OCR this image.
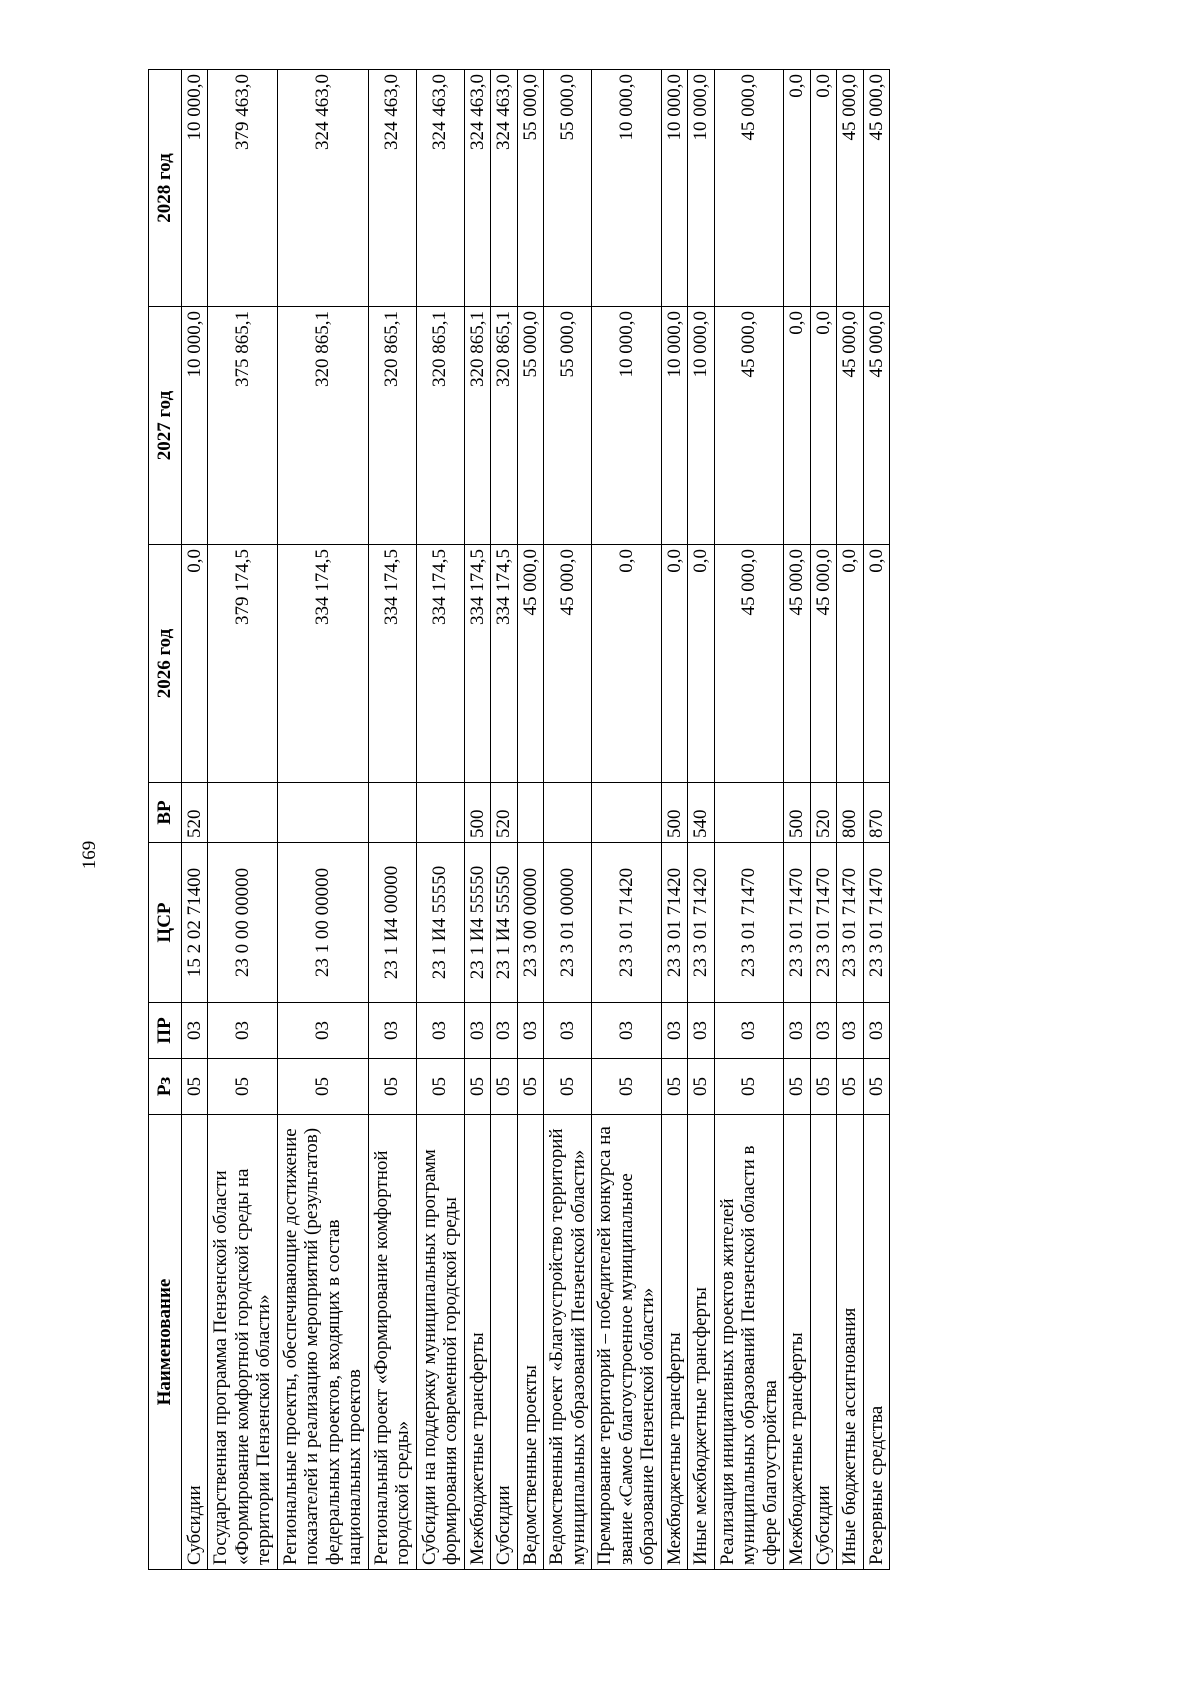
169
Наименование	Рз	ПР	ЦСР	ВР	2026 год	2027 год	2028 год
Субсидии	05	03	15 2 02 71400	520	0,0	10 000,0	10 000,0
Государственная программа Пензенской области «Формирование комфортной городской среды на территории Пензенской области»	05	03	23 0 00 00000		379 174,5	375 865,1	379 463,0
Региональные проекты, обеспечивающие достижение показателей и реализацию мероприятий (результатов) федеральных проектов, входящих в состав национальных проектов	05	03	23 1 00 00000		334 174,5	320 865,1	324 463,0
Региональный проект «Формирование комфортной городской среды»	05	03	23 1 И4 00000		334 174,5	320 865,1	324 463,0
Субсидии на поддержку муниципальных программ формирования современной городской среды	05	03	23 1 И4 55550		334 174,5	320 865,1	324 463,0
Межбюджетные трансферты	05	03	23 1 И4 55550	500	334 174,5	320 865,1	324 463,0
Субсидии	05	03	23 1 И4 55550	520	334 174,5	320 865,1	324 463,0
Ведомственные проекты	05	03	23 3 00 00000		45 000,0	55 000,0	55 000,0
Ведомственный проект «Благоустройство территорий муниципальных образований Пензенской области»	05	03	23 3 01 00000		45 000,0	55 000,0	55 000,0
Премирование территорий – победителей конкурса на звание «Самое благоустроенное муниципальное образование Пензенской области»	05	03	23 3 01 71420		0,0	10 000,0	10 000,0
Межбюджетные трансферты	05	03	23 3 01 71420	500	0,0	10 000,0	10 000,0
Иные межбюджетные трансферты	05	03	23 3 01 71420	540	0,0	10 000,0	10 000,0
Реализация инициативных проектов жителей муниципальных образований Пензенской области в сфере благоустройства	05	03	23 3 01 71470		45 000,0	45 000,0	45 000,0
Межбюджетные трансферты	05	03	23 3 01 71470	500	45 000,0	0,0	0,0
Субсидии	05	03	23 3 01 71470	520	45 000,0	0,0	0,0
Иные бюджетные ассигнования	05	03	23 3 01 71470	800	0,0	45 000,0	45 000,0
Резервные средства	05	03	23 3 01 71470	870	0,0	45 000,0	45 000,0
